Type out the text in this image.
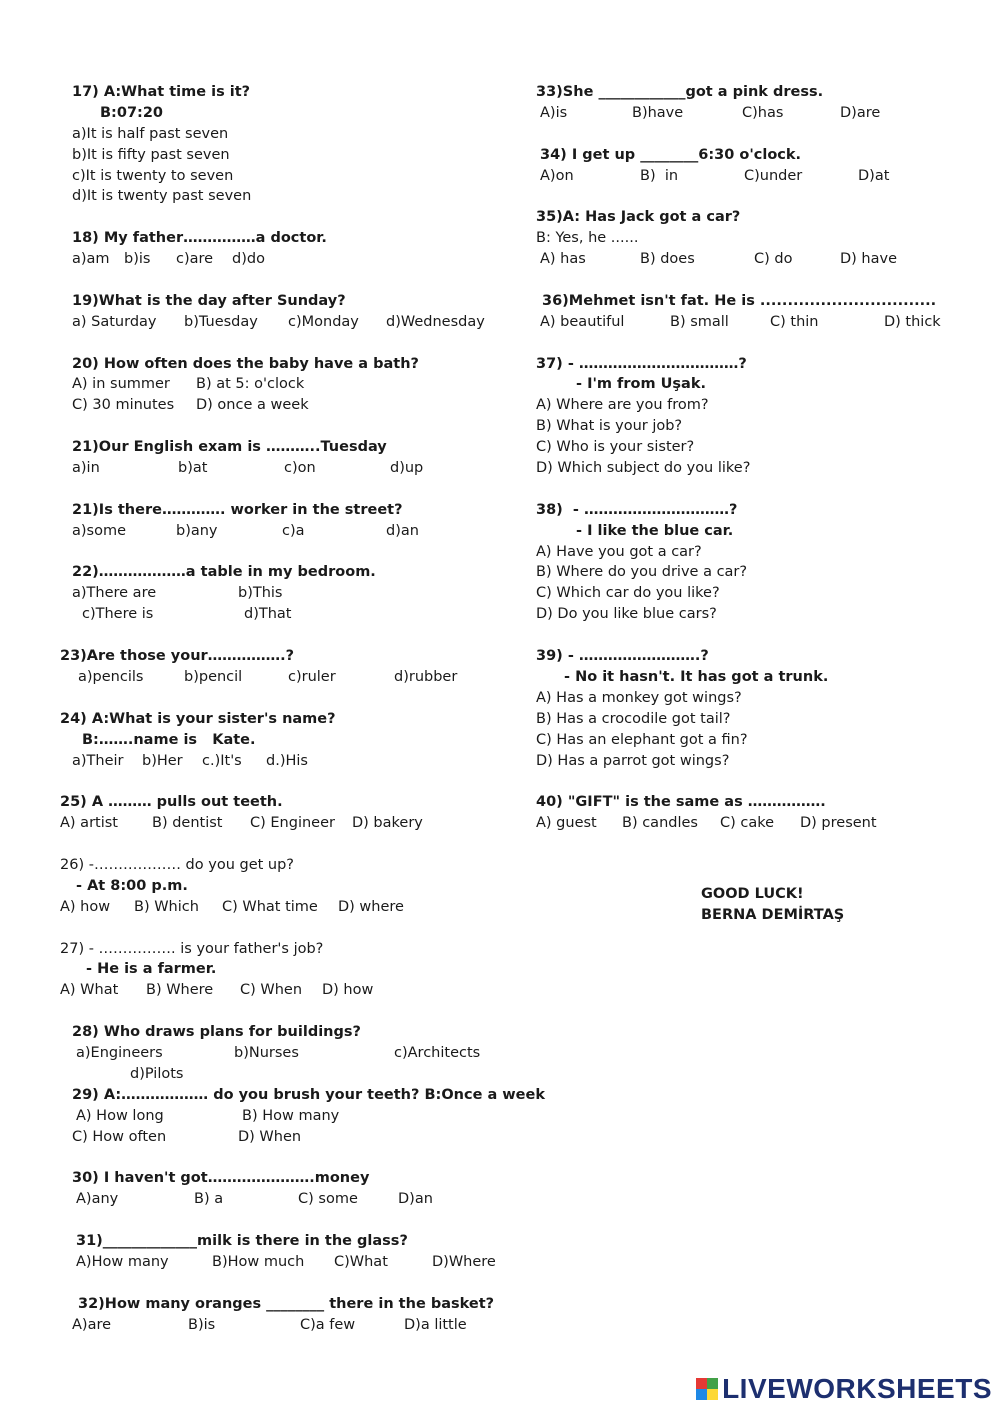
17) A:What time is it?
B:07:20
a)It is half past seven
b)It is fifty past seven
c)It is twenty to seven
d)It is twenty past seven
18) My father……………a doctor.
a)am b)is	c)are	d)do
19)What is the day after Sunday?
a) Saturday	b)Tuesday	c)Monday	d)Wednesday
20) How often does the baby have a bath?
A) in summer	B) at 5: o'clock
C) 30 minutes	D) once a week
21)Our English exam is ………..Tuesday
a)in	b)at	c)on	d)up
21)Is there…………. worker in the street?
a)some	b)any	c)a	d)an
22)………………a table in my bedroom.
a)There are	b)This
c)There is	d)That
23)Are those your…………….?
a)pencils	b)pencil	c)ruler	d)rubber
24) A:What is your sister's name?
B:…….name is   Kate.
a)Their	b)Her	c.)It's	d.)His
25) A ……… pulls out teeth.
A) artist	B) dentist	C) Engineer	D) bakery
26) -……………… do you get up?
- At 8:00 p.m.
A) how	B) Which	C) What time	D) where
27) - ……………. is your father's job?
- He is a farmer.
A) What	B) Where	C) When	D) how
28) Who draws plans for buildings?
a)Engineers	b)Nurses	c)Architects
d)Pilots
29) A:……………… do you brush your teeth? B:Once a week
A) How long	B) How many
C) How often	D) When
30) I haven't got………………….money
A)any	B) a	C) some	D)an
31)_____________milk is there in the glass?
A)How many	B)How much	C)What	D)Where
32)How many oranges ________ there in the basket?
A)are	B)is	C)a few	D)a little
33)She ____________got a pink dress.
A)is	B)have	C)has	D)are
34) I get up ________6:30 o'clock.
A)on	B)  in	C)under	D)at
35)A: Has Jack got a car?
B: Yes, he ......
A) has	B) does	C) do	D) have
36)Mehmet isn't fat. He is ................................
A) beautiful	B) small	C) thin	D) thick
37) - ……………………………?
- I'm from Uşak.
A) Where are you from?
B) What is your job?
C) Who is your sister?
D) Which subject do you like?
38)  - …………………………?
- I like the blue car.
A) Have you got a car?
B) Where do you drive a car?
C) Which car do you like?
D) Do you like blue cars?
39) - …………………….?
- No it hasn't. It has got a trunk.
A) Has a monkey got wings?
B) Has a crocodile got tail?
C) Has an elephant got a fin?
D) Has a parrot got wings?
40) "GIFT" is the same as …………….
A) guest	B) candles	C) cake	D) present
GOOD LUCK!
BERNA DEMİRTAŞ
LIVEWORKSHEETS
